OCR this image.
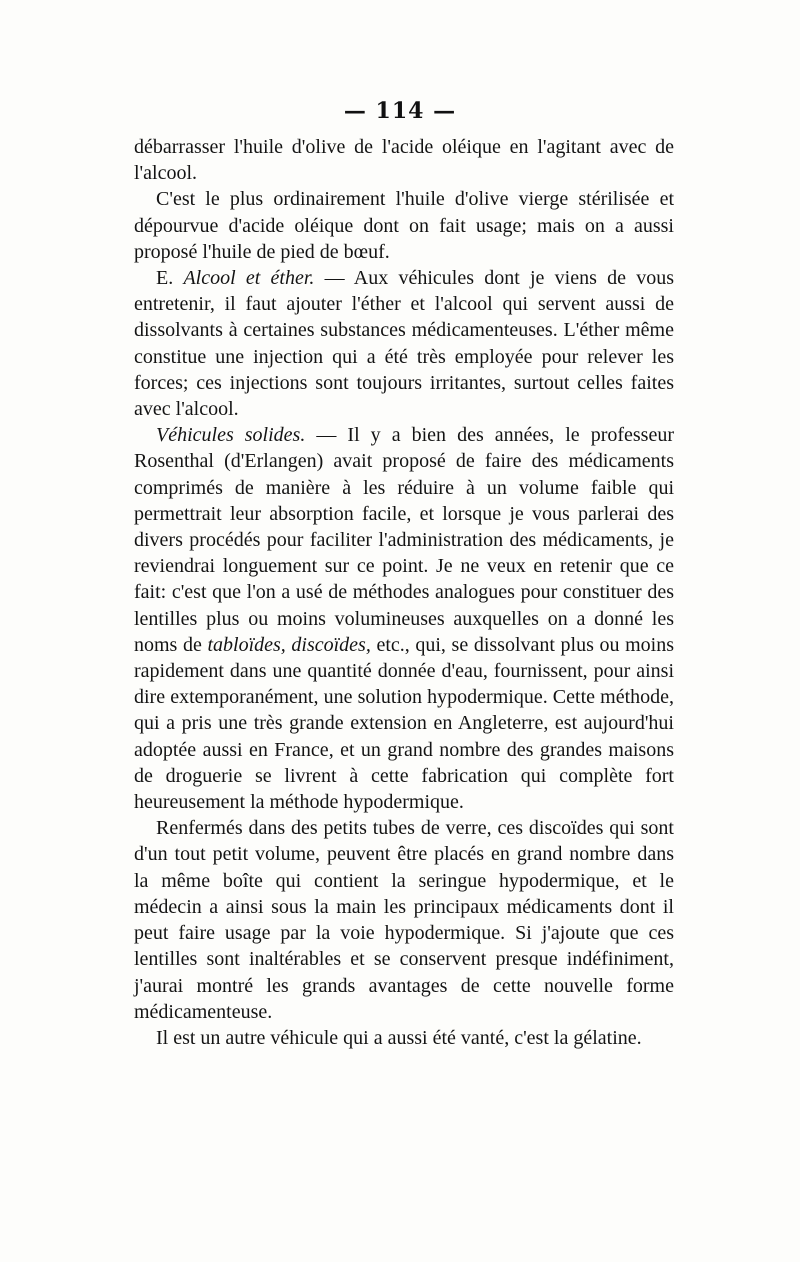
— 114 —

débarrasser l'huile d'olive de l'acide oléique en l'agitant avec de l'alcool.

C'est le plus ordinairement l'huile d'olive vierge stérilisée et dépourvue d'acide oléique dont on fait usage; mais on a aussi proposé l'huile de pied de bœuf.

E. Alcool et éther. — Aux véhicules dont je viens de vous entretenir, il faut ajouter l'éther et l'alcool qui servent aussi de dissolvants à certaines substances médicamenteuses. L'éther même constitue une injection qui a été très employée pour relever les forces; ces injections sont toujours irritantes, surtout celles faites avec l'alcool.

Véhicules solides. — Il y a bien des années, le professeur Rosenthal (d'Erlangen) avait proposé de faire des médicaments comprimés de manière à les réduire à un volume faible qui permettrait leur absorption facile, et lorsque je vous parlerai des divers procédés pour faciliter l'administration des médicaments, je reviendrai longuement sur ce point. Je ne veux en retenir que ce fait: c'est que l'on a usé de méthodes analogues pour constituer des lentilles plus ou moins volumineuses auxquelles on a donné les noms de tabloïdes, discoïdes, etc., qui, se dissolvant plus ou moins rapidement dans une quantité donnée d'eau, fournissent, pour ainsi dire extemporanément, une solution hypodermique. Cette méthode, qui a pris une très grande extension en Angleterre, est aujourd'hui adoptée aussi en France, et un grand nombre des grandes maisons de droguerie se livrent à cette fabrication qui complète fort heureusement la méthode hypodermique.

Renfermés dans des petits tubes de verre, ces discoïdes qui sont d'un tout petit volume, peuvent être placés en grand nombre dans la même boîte qui contient la seringue hypodermique, et le médecin a ainsi sous la main les principaux médicaments dont il peut faire usage par la voie hypodermique. Si j'ajoute que ces lentilles sont inaltérables et se conservent presque indéfiniment, j'aurai montré les grands avantages de cette nouvelle forme médicamenteuse.

Il est un autre véhicule qui a aussi été vanté, c'est la gélatine.
